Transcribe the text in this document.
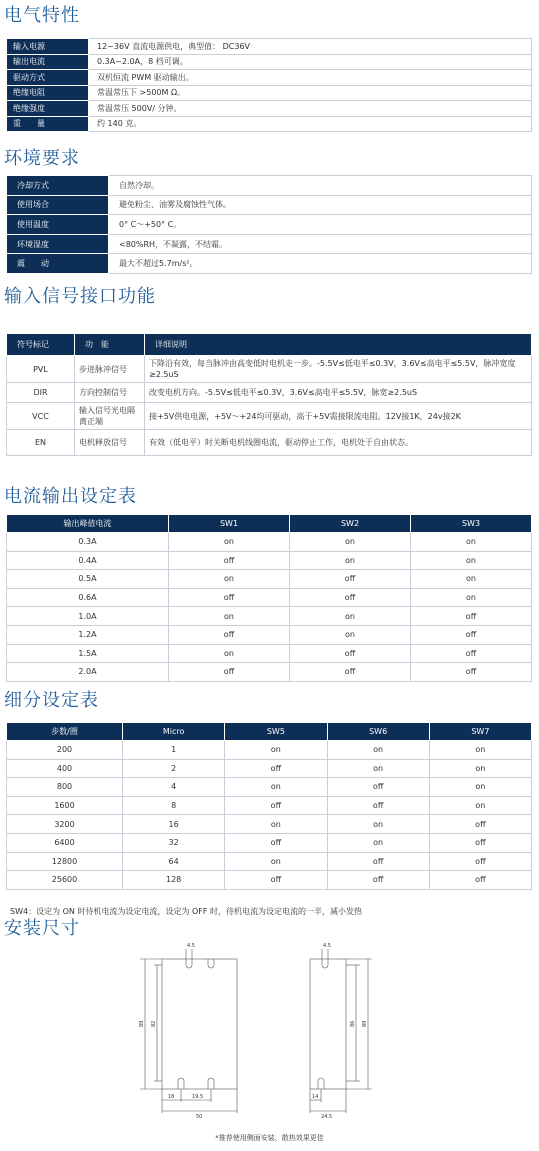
电气特性
输入电源	12~36V 直流电源供电，典型值： DC36V
输出电流	0.3A~2.0A，8 档可调。
驱动方式	双机恒流 PWM 驱动输出。
绝缘电阻	常温常压下 >500M Ω。
绝缘强度	常温常压 500V/ 分钟。
重　　量	约 140 克。
环境要求
冷却方式	自然冷却。
使用场合	避免粉尘、油雾及腐蚀性气体。
使用温度	0° C～+50° C。
环境湿度	<80%RH，不凝露，不结霜。
震　　动	最大不超过5.7m/s²。
输入信号接口功能
符号标记	功　能	详细说明
PVL	步进脉冲信号	下降沿有效，每当脉冲由高变低时电机走一步。-5.5V≤低电平≤0.3V，3.6V≤高电平≤5.5V，脉冲宽度≥2.5uS
DIR	方向控制信号	改变电机方向。-5.5V≤低电平≤0.3V，3.6V≤高电平≤5.5V，脉宽≥2.5uS
VCC	输入信号光电隔离正端	接+5V供电电源，+5V～+24均可驱动，高于+5V需接限流电阻。12V接1K，24v接2K
EN	电机释放信号	有效（低电平）时关断电机线圈电流，驱动停止工作，电机处于自由状态。
电流输出设定表
输出峰值电流	SW1	SW2	SW3
0.3A	on	on	on
0.4A	off	on	on
0.5A	on	off	on
0.6A	off	off	on
1.0A	on	on	off
1.2A	off	on	off
1.5A	on	off	off
2.0A	off	off	off
细分设定表
步数/圈	Micro	SW5	SW6	SW7
200	1	on	on	on
400	2	off	on	on
800	4	on	off	on
1600	8	off	off	on
3200	16	on	on	off
6400	32	off	on	off
12800	64	on	off	off
25600	128	off	off	off
SW4：设定为 ON 时待机电流为设定电流，设定为 OFF 时，待机电流为设定电流的一半，减小发热
安装尺寸
4.5
89 82
18	19.5
50
4.5
89
86
14
24.5
*推荐使用侧面安装，散热效果更佳
